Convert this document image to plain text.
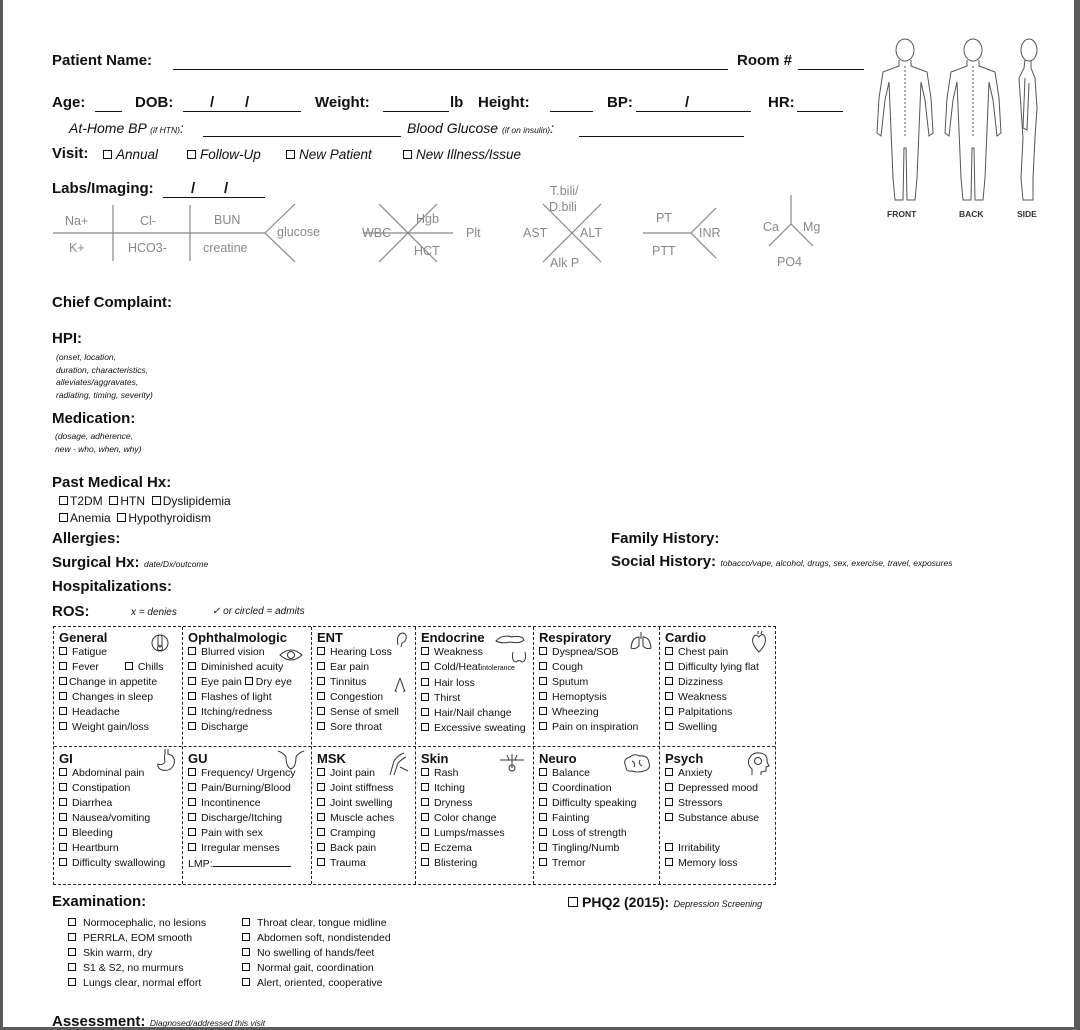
Patient Name:	Room #
Age:	DOB: / /	Weight:	lb Height:	BP:	/	HR:
At-Home BP (if HTN):	Blood Glucose (if on insulin):
Visit:	Annual	Follow-Up	New Patient	New Illness/Issue
Labs/Imaging: / /
Na+	Cl-	BUN
K+	HCO3-	creatine
glucose	WBC
Hgb
HCT
Plt
T.bili/
D.bili
AST	ALT
Alk P
PT
PTT
INR	Ca Mg
PO4
FRONT	BACK	SIDE
Chief Complaint:
HPI:
(onset, location,
duration, characteristics,
alleviates/aggravates,
radiating, timing, severity)
Medication:
(dosage, adherence,
new - who, when, why)
Past Medical Hx:
T2DM HTN Dyslipidemia
Anemia Hypothyroidism
Allergies:
Surgical Hx: date/Dx/outcome
Hospitalizations:
Family History:
Social History: tobacco/vape, alcohol, drugs, sex, exercise, travel, exposures
ROS:	x = denies	✓ or circled = admits
General
Fatigue
Fever	Chills
Change in appetite
Changes in sleep
Headache
Weight gain/loss
Ophthalmologic
Blurred vision
Diminished acuity
Eye pain Dry eye
Flashes of light
Itching/redness
Discharge
ENT
Hearing Loss
Ear pain
Tinnitus
Congestion
Sense of smell
Sore throat
Endocrine
Weakness
Cold/Heatintolerance
Hair loss
Thirst
Hair/Nail change
Excessive sweating
Respiratory
Dyspnea/SOB
Cough
Sputum
Hemoptysis
Wheezing
Pain on inspiration
Cardio
Chest pain
Difficulty lying flat
Dizziness
Weakness
Palpitations
Swelling
GI
Abdominal pain
Constipation
Diarrhea
Nausea/vomiting
Bleeding
Heartburn
Difficulty swallowing
GU
Frequency/ Urgency
Pain/Burning/Blood
Incontinence
Discharge/Itching
Pain with sex
Irregular menses
LMP:
MSK
Joint pain
Joint stiffness
Joint swelling
Muscle aches
Cramping
Back pain
Trauma
Skin
Rash
Itching
Dryness
Color change
Lumps/masses
Eczema
Blistering
Neuro
Balance
Coordination
Difficulty speaking
Fainting
Loss of strength
Tingling/Numb
Tremor
Psych
Anxiety
Depressed mood
Stressors
Substance abuse

Irritability
Memory loss
Examination:
Normocephalic, no lesions
PERRLA, EOM smooth
Skin warm, dry
S1 & S2, no murmurs
Lungs clear, normal effort
Throat clear, tongue midline
Abdomen soft, nondistended
No swelling of hands/feet
Normal gait, coordination
Alert, oriented, cooperative
PHQ2 (2015): Depression Screening
Assessment: Diagnosed/addressed this visit
